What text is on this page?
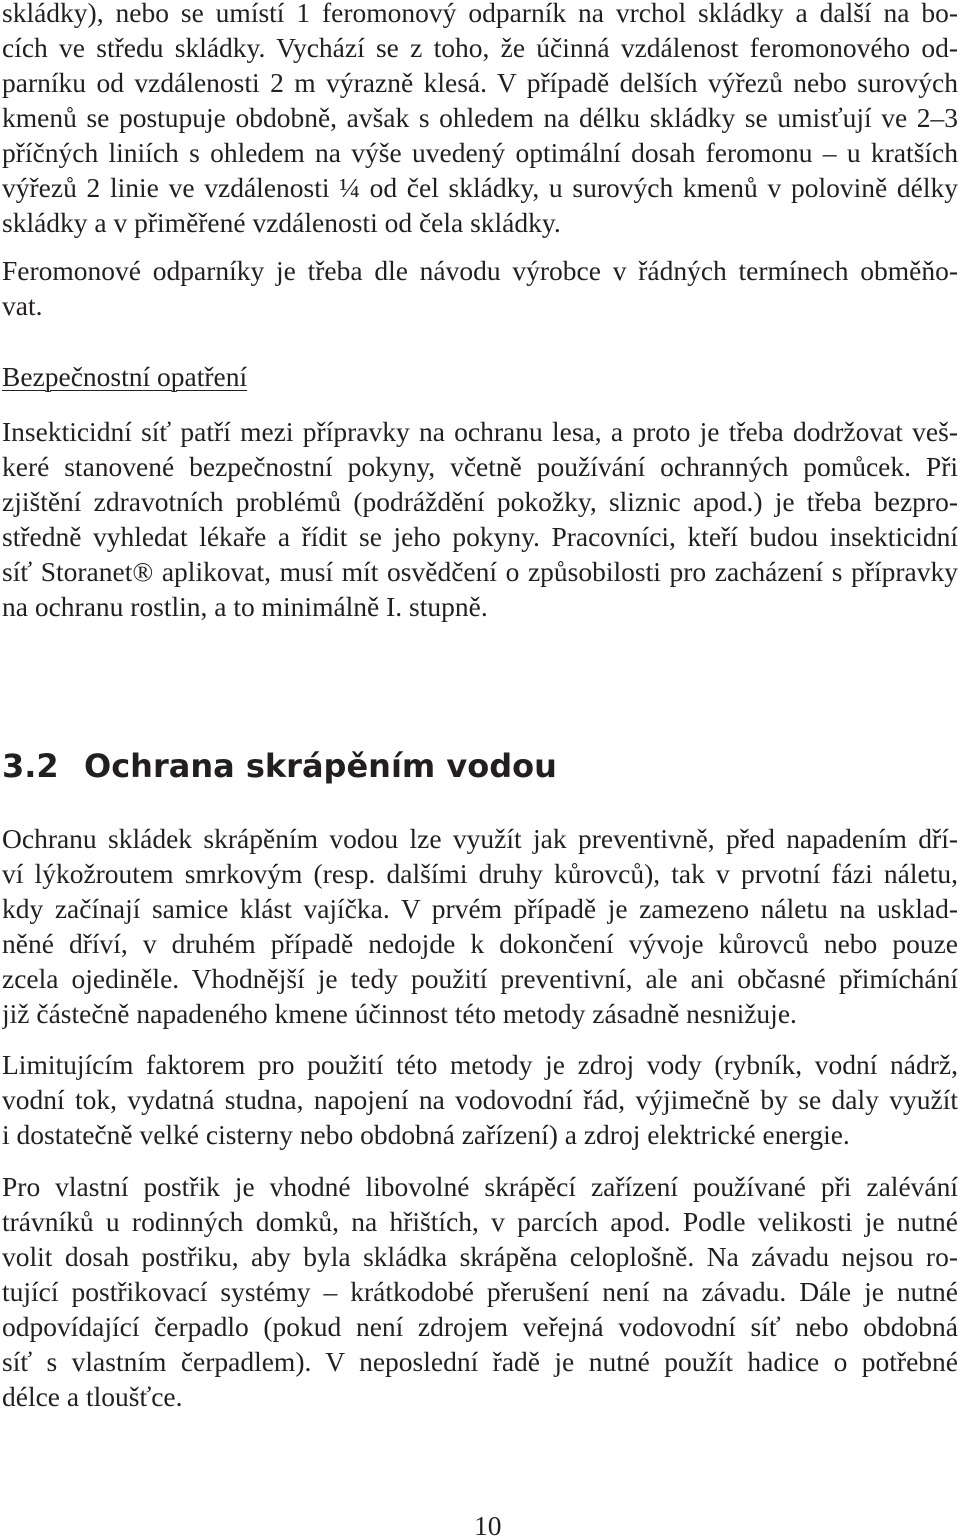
skládky), nebo se umístí 1 feromonový odparník na vrchol skládky a další na bo-
cích ve středu skládky. Vychází se z toho, že účinná vzdálenost feromonového od-
parníku od vzdálenosti 2 m výrazně klesá. V případě delších výřezů nebo surových
kmenů se postupuje obdobně, avšak s ohledem na délku skládky se umisťují ve 2–3
příčných liniích s ohledem na výše uvedený optimální dosah feromonu – u kratších
výřezů 2 linie ve vzdálenosti ¼ od čel skládky, u surových kmenů v polovině délky
skládky a v přiměřené vzdálenosti od čela skládky.
Feromonové odparníky je třeba dle návodu výrobce v řádných termínech obměňo-
vat.
Bezpečnostní opatření
Insekticidní síť patří mezi přípravky na ochranu lesa, a proto je třeba dodržovat veš-
keré stanovené bezpečnostní pokyny, včetně používání ochranných pomůcek. Při
zjištění zdravotních problémů (podráždění pokožky, sliznic apod.) je třeba bezpro-
středně vyhledat lékaře a řídit se jeho pokyny. Pracovníci, kteří budou insekticidní
síť Storanet® aplikovat, musí mít osvědčení o způsobilosti pro zacházení s přípravky
na ochranu rostlin, a to minimálně I. stupně.
3.2 Ochrana skrápěním vodou
Ochranu skládek skrápěním vodou lze využít jak preventivně, před napadením dří-
ví lýkožroutem smrkovým (resp. dalšími druhy kůrovců), tak v prvotní fázi náletu,
kdy začínají samice klást vajíčka. V prvém případě je zamezeno náletu na usklad-
něné dříví, v druhém případě nedojde k dokončení vývoje kůrovců nebo pouze
zcela ojediněle. Vhodnější je tedy použití preventivní, ale ani občasné přimíchání
již částečně napadeného kmene účinnost této metody zásadně nesnižuje.
Limitujícím faktorem pro použití této metody je zdroj vody (rybník, vodní nádrž,
vodní tok, vydatná studna, napojení na vodovodní řád, výjimečně by se daly využít
i dostatečně velké cisterny nebo obdobná zařízení) a zdroj elektrické energie.
Pro vlastní postřik je vhodné libovolné skrápěcí zařízení používané při zalévání
trávníků u rodinných domků, na hřištích, v parcích apod. Podle velikosti je nutné
volit dosah postřiku, aby byla skládka skrápěna celoplošně. Na závadu nejsou ro-
tující postřikovací systémy – krátkodobé přerušení není na závadu. Dále je nutné
odpovídající čerpadlo (pokud není zdrojem veřejná vodovodní síť nebo obdobná
síť s vlastním čerpadlem). V neposlední řadě je nutné použít hadice o potřebné
délce a tloušťce.
10
